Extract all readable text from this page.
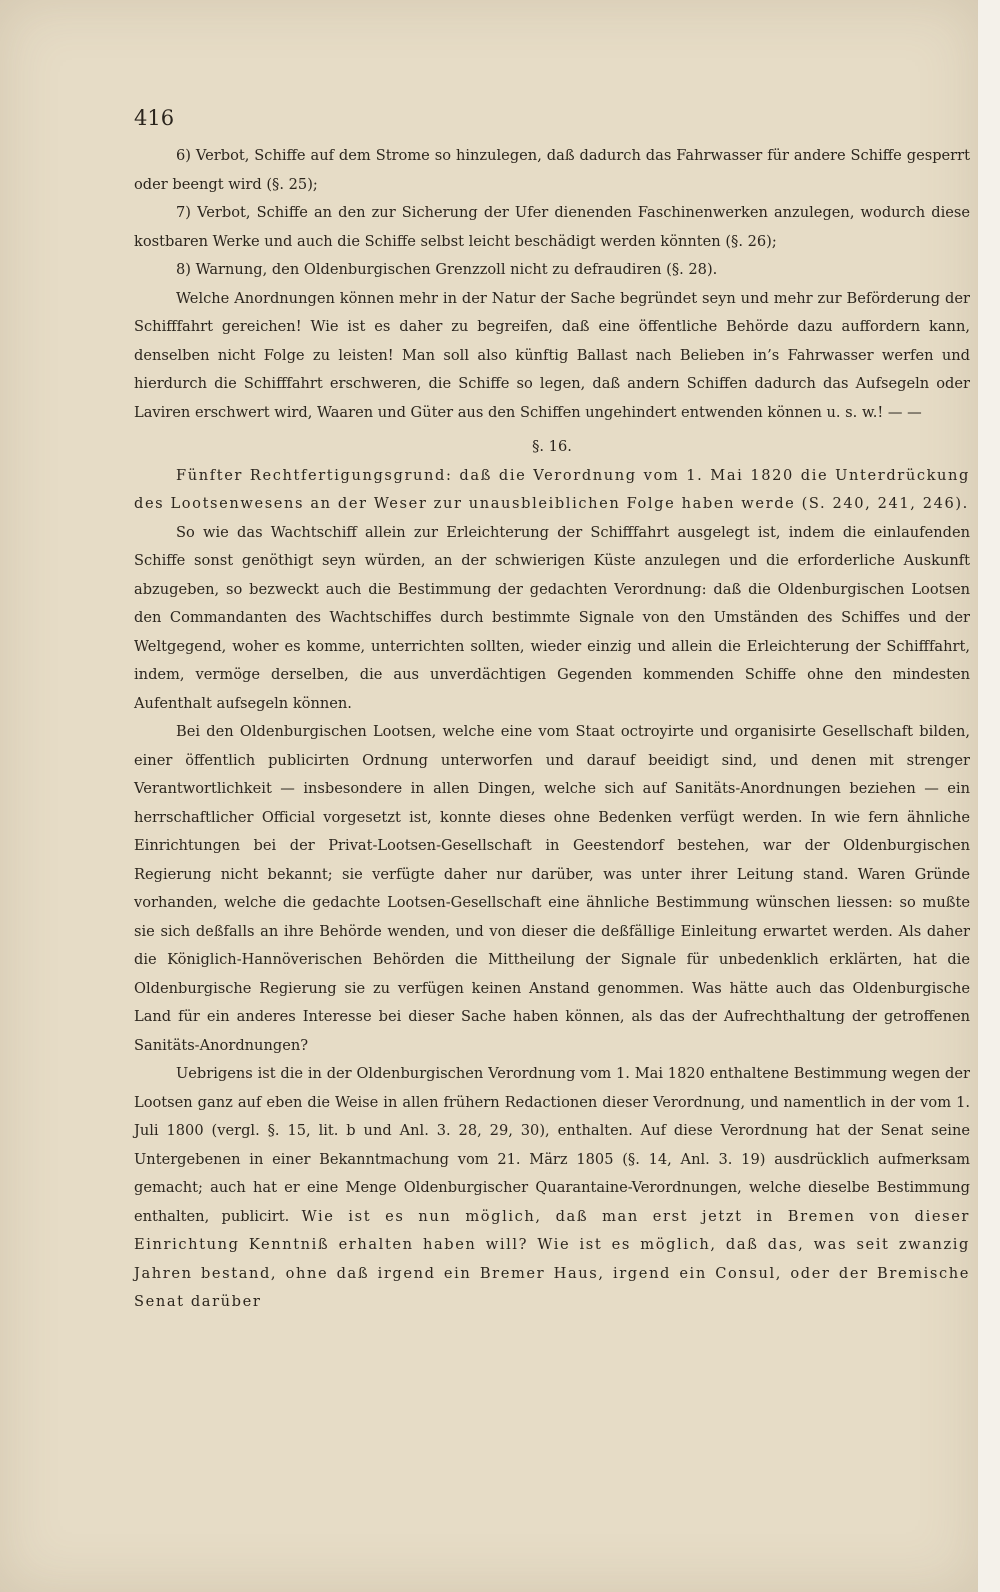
416

6) Verbot, Schiffe auf dem Strome so hinzulegen, daß dadurch das Fahrwasser für andere Schiffe gesperrt oder beengt wird (§. 25);

7) Verbot, Schiffe an den zur Sicherung der Ufer dienenden Faschinenwerken anzulegen, wodurch diese kostbaren Werke und auch die Schiffe selbst leicht beschädigt werden könnten (§. 26);

8) Warnung, den Oldenburgischen Grenzzoll nicht zu defraudiren (§. 28).

Welche Anordnungen können mehr in der Natur der Sache begründet seyn und mehr zur Beförderung der Schifffahrt gereichen! Wie ist es daher zu begreifen, daß eine öffentliche Behörde dazu auffordern kann, denselben nicht Folge zu leisten! Man soll also künftig Ballast nach Belieben in’s Fahrwasser werfen und hierdurch die Schifffahrt erschweren, die Schiffe so legen, daß andern Schiffen dadurch das Aufsegeln oder Laviren erschwert wird, Waaren und Güter aus den Schiffen ungehindert entwenden können u. s. w.! — —

§. 16.

Fünfter Rechtfertigungsgrund: daß die Verordnung vom 1. Mai 1820 die Unterdrückung des Lootsenwesens an der Weser zur unausbleiblichen Folge haben werde (S. 240, 241, 246).

So wie das Wachtschiff allein zur Erleichterung der Schifffahrt ausgelegt ist, indem die einlaufenden Schiffe sonst genöthigt seyn würden, an der schwierigen Küste anzulegen und die erforderliche Auskunft abzugeben, so bezweckt auch die Bestimmung der gedachten Verordnung: daß die Oldenburgischen Lootsen den Commandanten des Wachtschiffes durch bestimmte Signale von den Umständen des Schiffes und der Weltgegend, woher es komme, unterrichten sollten, wieder einzig und allein die Erleichterung der Schifffahrt, indem, vermöge derselben, die aus unverdächtigen Gegenden kommenden Schiffe ohne den mindesten Aufenthalt aufsegeln können.

Bei den Oldenburgischen Lootsen, welche eine vom Staat octroyirte und organisirte Gesellschaft bilden, einer öffentlich publicirten Ordnung unterworfen und darauf beeidigt sind, und denen mit strenger Verantwortlichkeit — insbesondere in allen Dingen, welche sich auf Sanitäts-Anordnungen beziehen — ein herrschaftlicher Official vorgesetzt ist, konnte dieses ohne Bedenken verfügt werden. In wie fern ähnliche Einrichtungen bei der Privat-Lootsen-Gesellschaft in Geestendorf bestehen, war der Oldenburgischen Regierung nicht bekannt; sie verfügte daher nur darüber, was unter ihrer Leitung stand. Waren Gründe vorhanden, welche die gedachte Lootsen-Gesellschaft eine ähnliche Bestimmung wünschen liessen: so mußte sie sich deßfalls an ihre Behörde wenden, und von dieser die deßfällige Einleitung erwartet werden. Als daher die Königlich-Hannöverischen Behörden die Mittheilung der Signale für unbedenklich erklärten, hat die Oldenburgische Regierung sie zu verfügen keinen Anstand genommen. Was hätte auch das Oldenburgische Land für ein anderes Interesse bei dieser Sache haben können, als das der Aufrechthaltung der getroffenen Sanitäts-Anordnungen?

Uebrigens ist die in der Oldenburgischen Verordnung vom 1. Mai 1820 enthaltene Bestimmung wegen der Lootsen ganz auf eben die Weise in allen frühern Redactionen dieser Verordnung, und namentlich in der vom 1. Juli 1800 (vergl. §. 15, lit. b und Anl. 3. 28, 29, 30), enthalten. Auf diese Verordnung hat der Senat seine Untergebenen in einer Bekanntmachung vom 21. März 1805 (§. 14, Anl. 3. 19) ausdrücklich aufmerksam gemacht; auch hat er eine Menge Oldenburgischer Quarantaine-Verordnungen, welche dieselbe Bestimmung enthalten, publicirt. Wie ist es nun möglich, daß man erst jetzt in Bremen von dieser Einrichtung Kenntniß erhalten haben will? Wie ist es möglich, daß das, was seit zwanzig Jahren bestand, ohne daß irgend ein Bremer Haus, irgend ein Consul, oder der Bremische Senat darüber
